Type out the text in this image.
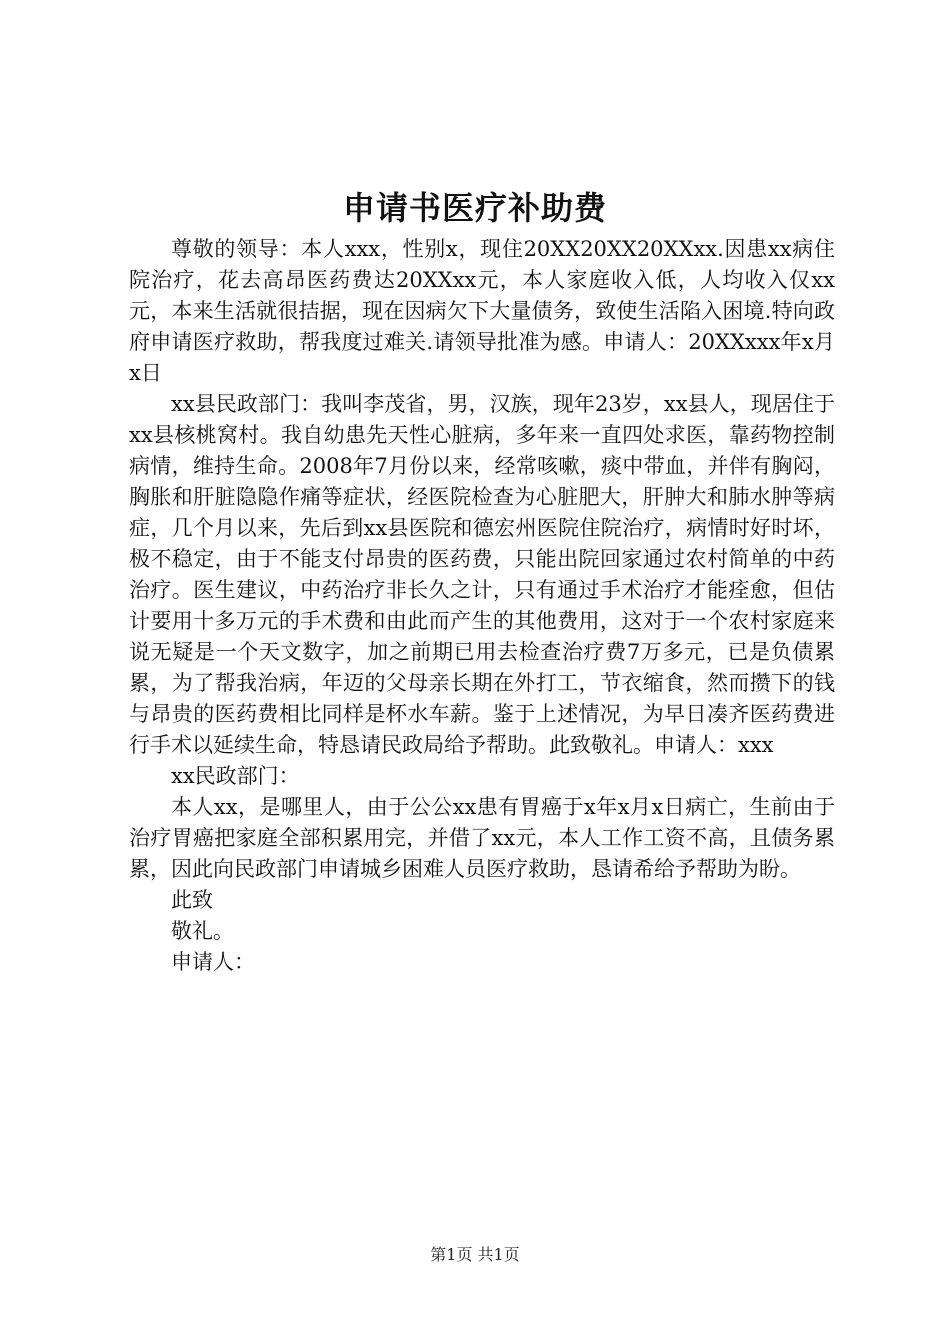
申请书医疗补助费

尊敬的领导：本人xxx，性别x，现住20XX20XX20XXxx.因患xx病住院治疗，花去高昂医药费达20XXxx元，本人家庭收入低，人均收入仅xx元，本来生活就很拮据，现在因病欠下大量债务，致使生活陷入困境.特向政府申请医疗救助，帮我度过难关.请领导批准为感。申请人：20XXxxx年x月x日

xx县民政部门：我叫李茂省，男，汉族，现年23岁，xx县人，现居住于xx县核桃窝村。我自幼患先天性心脏病，多年来一直四处求医，靠药物控制病情，维持生命。2008年7月份以来，经常咳嗽，痰中带血，并伴有胸闷，胸胀和肝脏隐隐作痛等症状，经医院检查为心脏肥大，肝肿大和肺水肿等病症，几个月以来，先后到xx县医院和德宏州医院住院治疗，病情时好时坏，极不稳定，由于不能支付昂贵的医药费，只能出院回家通过农村简单的中药治疗。医生建议，中药治疗非长久之计，只有通过手术治疗才能痊愈，但估计要用十多万元的手术费和由此而产生的其他费用，这对于一个农村家庭来说无疑是一个天文数字，加之前期已用去检查治疗费7万多元，已是负债累累，为了帮我治病，年迈的父母亲长期在外打工，节衣缩食，然而攒下的钱与昂贵的医药费相比同样是杯水车薪。鉴于上述情况，为早日凑齐医药费进行手术以延续生命，特恳请民政局给予帮助。此致敬礼。申请人：xxx

xx民政部门：

本人xx，是哪里人，由于公公xx患有胃癌于x年x月x日病亡，生前由于治疗胃癌把家庭全部积累用完，并借了xx元，本人工作工资不高，且债务累累，因此向民政部门申请城乡困难人员医疗救助，恳请希给予帮助为盼。

此致

敬礼。

申请人：

第1页 共1页
